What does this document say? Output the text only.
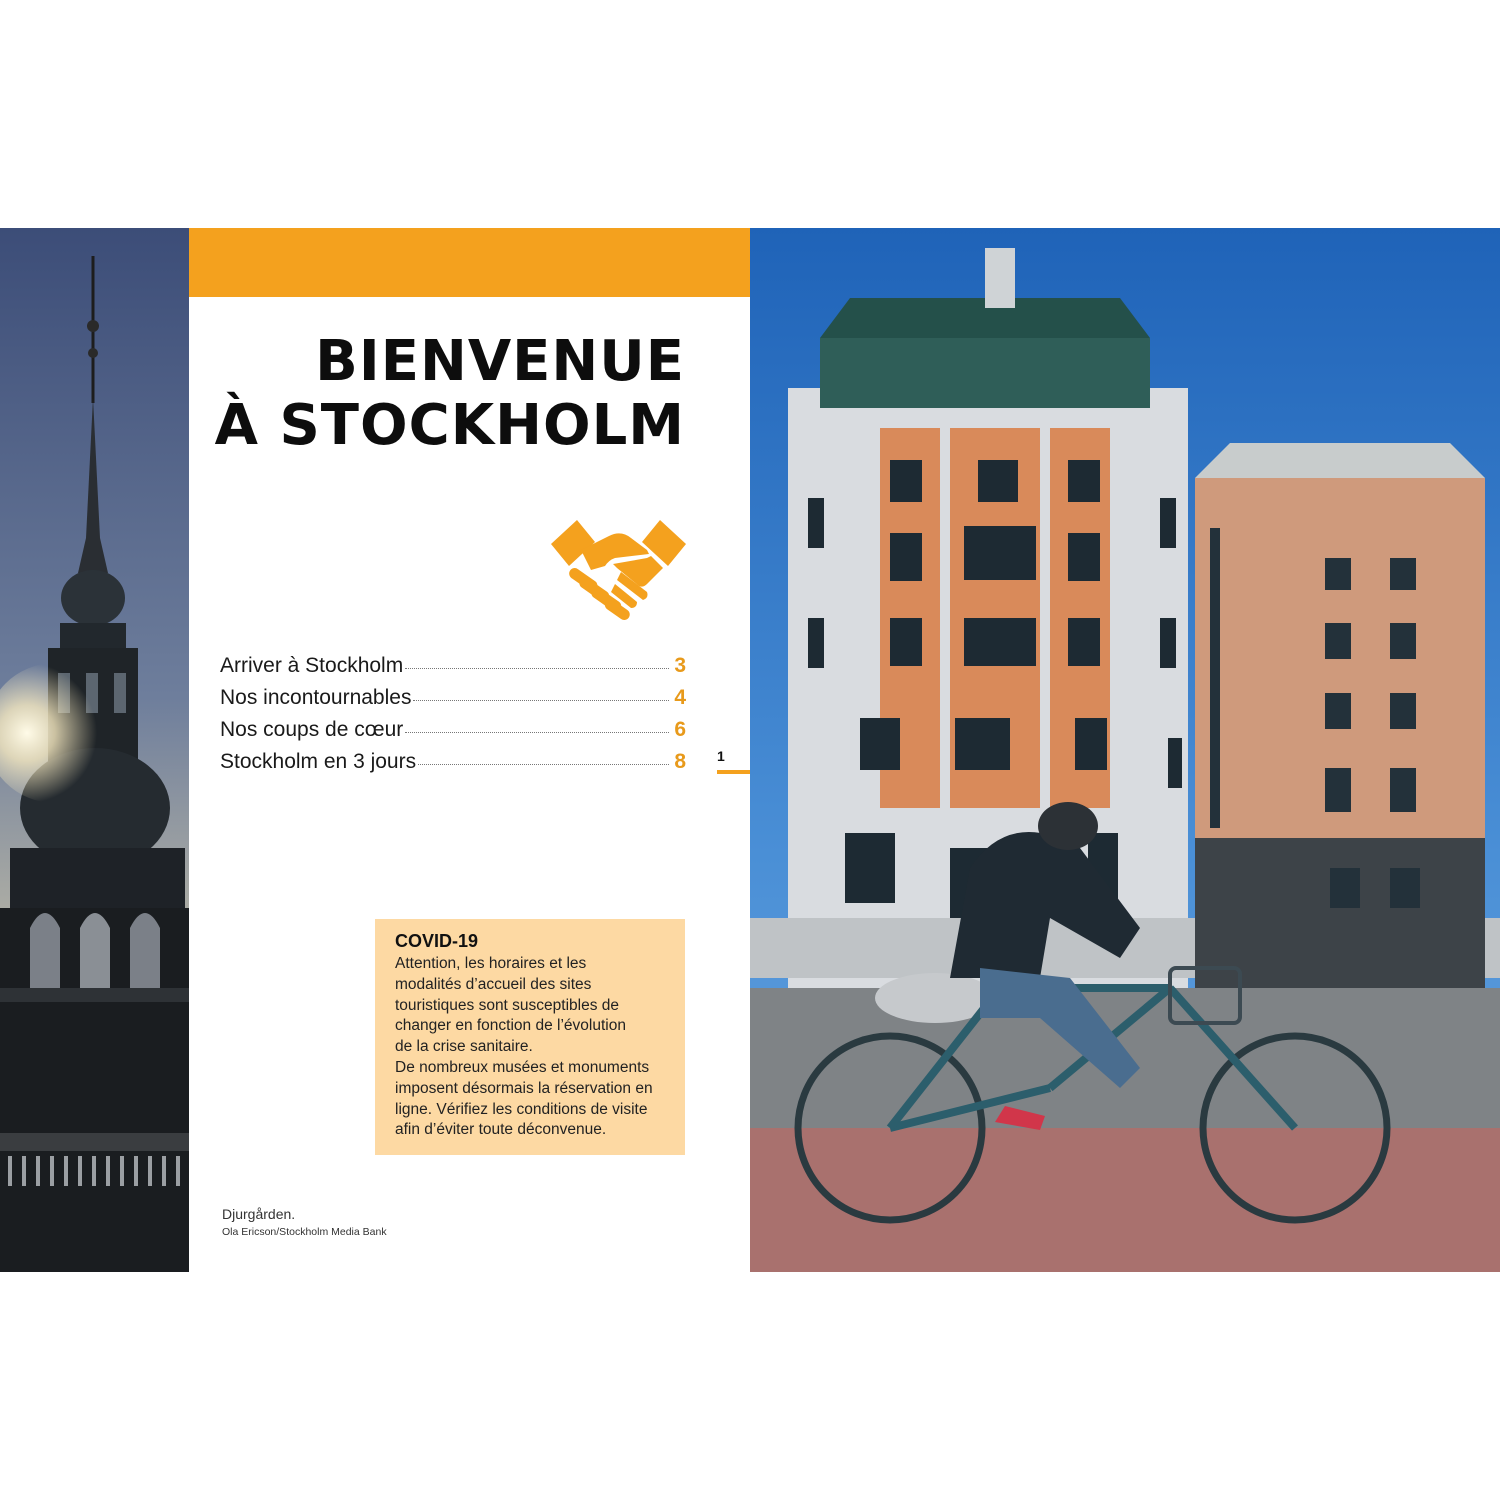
BIENVENUE
À STOCKHOLM
Arriver à Stockholm	3
Nos incontournables	4
Nos coups de cœur	6
Stockholm en 3 jours	8 1
COVID-19
Attention, les horaires et les
modalités d’accueil des sites
touristiques sont susceptibles de
changer en fonction de l’évolution
de la crise sanitaire.
De nombreux musées et monuments
imposent désormais la réservation en
ligne. Vérifiez les conditions de visite
afin d’éviter toute déconvenue.
Djurgården.
Ola Ericson/Stockholm Media Bank
